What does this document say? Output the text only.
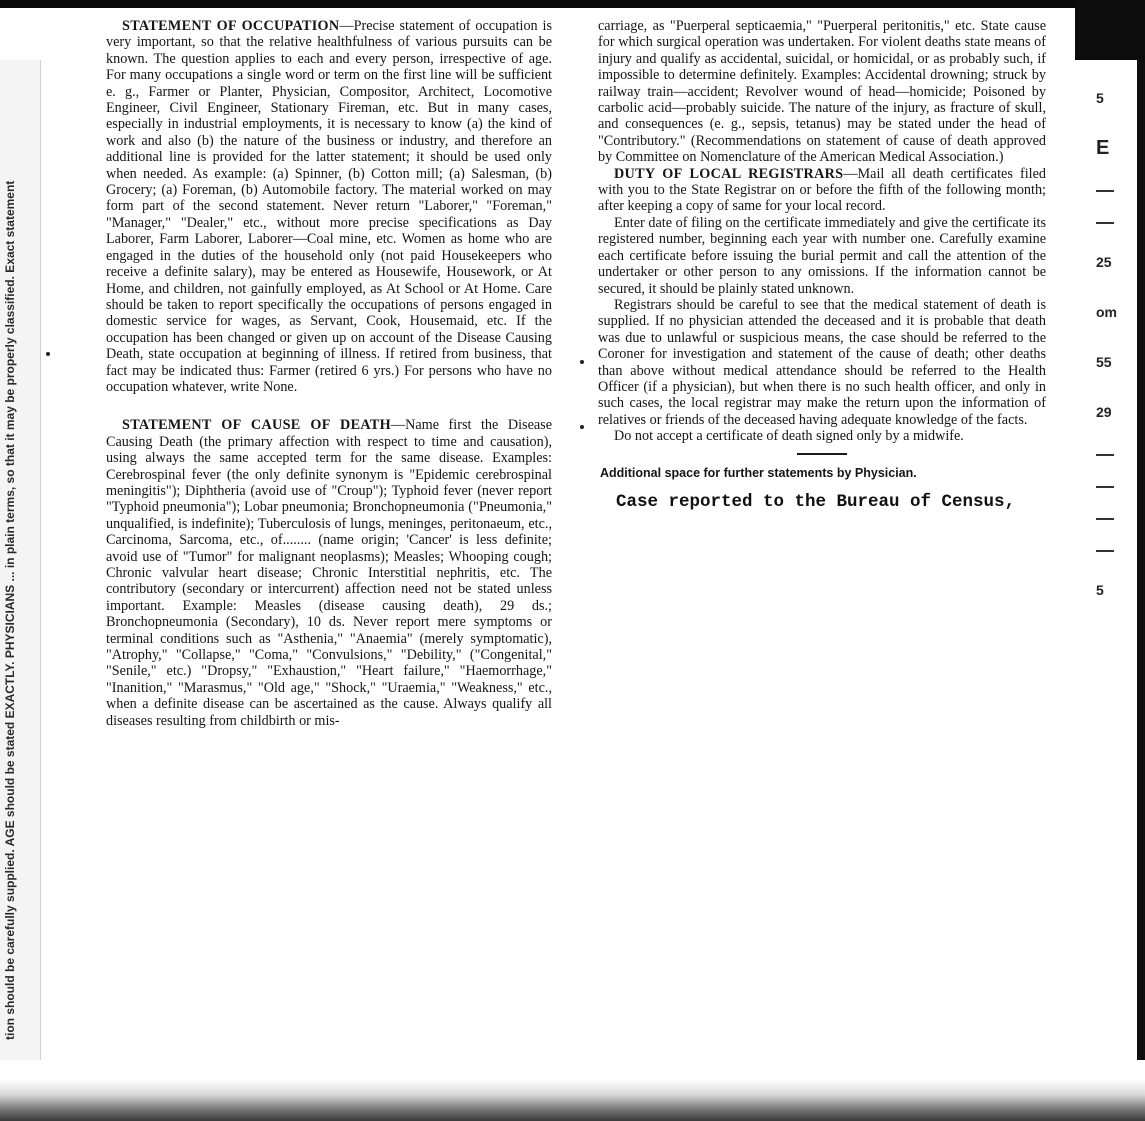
tion should be carefully supplied. AGE should be stated EXACTLY. PHYSICIANS ... in plain terms, so that it may be properly classified. Exact statement

STATEMENT OF OCCUPATION—Precise statement of occupation is very important, so that the relative healthfulness of various pursuits can be known. The question applies to each and every person, irrespective of age. For many occupations a single word or term on the first line will be sufficient e. g., Farmer or Planter, Physician, Compositor, Architect, Locomotive Engineer, Civil Engineer, Stationary Fireman, etc. But in many cases, especially in industrial employments, it is necessary to know (a) the kind of work and also (b) the nature of the business or industry, and therefore an additional line is provided for the latter statement; it should be used only when needed. As example: (a) Spinner, (b) Cotton mill; (a) Salesman, (b) Grocery; (a) Foreman, (b) Automobile factory. The material worked on may form part of the second statement. Never return "Laborer," "Foreman," "Manager," "Dealer," etc., without more precise specifications as Day Laborer, Farm Laborer, Laborer—Coal mine, etc. Women as home who are engaged in the duties of the household only (not paid Housekeepers who receive a definite salary), may be entered as Housewife, Housework, or At Home, and children, not gainfully employed, as At School or At Home. Care should be taken to report specifically the occupations of persons engaged in domestic service for wages, as Servant, Cook, Housemaid, etc. If the occupation has been changed or given up on account of the Disease Causing Death, state occupation at beginning of illness. If retired from business, that fact may be indicated thus: Farmer (retired 6 yrs.) For persons who have no occupation whatever, write None.

STATEMENT OF CAUSE OF DEATH—Name first the Disease Causing Death (the primary affection with respect to time and causation), using always the same accepted term for the same disease. Examples: Cerebrospinal fever (the only definite synonym is "Epidemic cerebrospinal meningitis"); Diphtheria (avoid use of "Croup"); Typhoid fever (never report "Typhoid pneumonia"); Lobar pneumonia; Bronchopneumonia ("Pneumonia," unqualified, is indefinite); Tuberculosis of lungs, meninges, peritonaeum, etc., Carcinoma, Sarcoma, etc., of........ (name origin; 'Cancer' is less definite; avoid use of "Tumor" for malignant neoplasms); Measles; Whooping cough; Chronic valvular heart disease; Chronic Interstitial nephritis, etc. The contributory (secondary or intercurrent) affection need not be stated unless important. Example: Measles (disease causing death), 29 ds.; Bronchopneumonia (Secondary), 10 ds. Never report mere symptoms or terminal conditions such as "Asthenia," "Anaemia" (merely symptomatic), "Atrophy," "Collapse," "Coma," "Convulsions," "Debility," ("Congenital," "Senile," etc.) "Dropsy," "Exhaustion," "Heart failure," "Haemorrhage," "Inanition," "Marasmus," "Old age," "Shock," "Uraemia," "Weakness," etc., when a definite disease can be ascertained as the cause. Always qualify all diseases resulting from childbirth or mis-

carriage, as "Puerperal septicaemia," "Puerperal peritonitis," etc. State cause for which surgical operation was undertaken. For violent deaths state means of injury and qualify as accidental, suicidal, or homicidal, or as probably such, if impossible to determine definitely. Examples: Accidental drowning; struck by railway train—accident; Revolver wound of head—homicide; Poisoned by carbolic acid—probably suicide. The nature of the injury, as fracture of skull, and consequences (e. g., sepsis, tetanus) may be stated under the head of "Contributory." (Recommendations on statement of cause of death approved by Committee on Nomenclature of the American Medical Association.)

DUTY OF LOCAL REGISTRARS—Mail all death certificates filed with you to the State Registrar on or before the fifth of the following month; after keeping a copy of same for your local record.

Enter date of filing on the certificate immediately and give the certificate its registered number, beginning each year with number one. Carefully examine each certificate before issuing the burial permit and call the attention of the undertaker or other person to any omissions. If the information cannot be secured, it should be plainly stated unknown.

Registrars should be careful to see that the medical statement of death is supplied. If no physician attended the deceased and it is probable that death was due to unlawful or suspicious means, the case should be referred to the Coroner for investigation and statement of the cause of death; other deaths than above without medical attendance should be referred to the Health Officer (if a physician), but when there is no such health officer, and only in such cases, the local registrar may make the return upon the information of relatives or friends of the deceased having adequate knowledge of the facts.

Do not accept a certificate of death signed only by a midwife.

Additional space for further statements by Physician.
Case reported to the Bureau of Census,
5
E
25
om
55
29
5
